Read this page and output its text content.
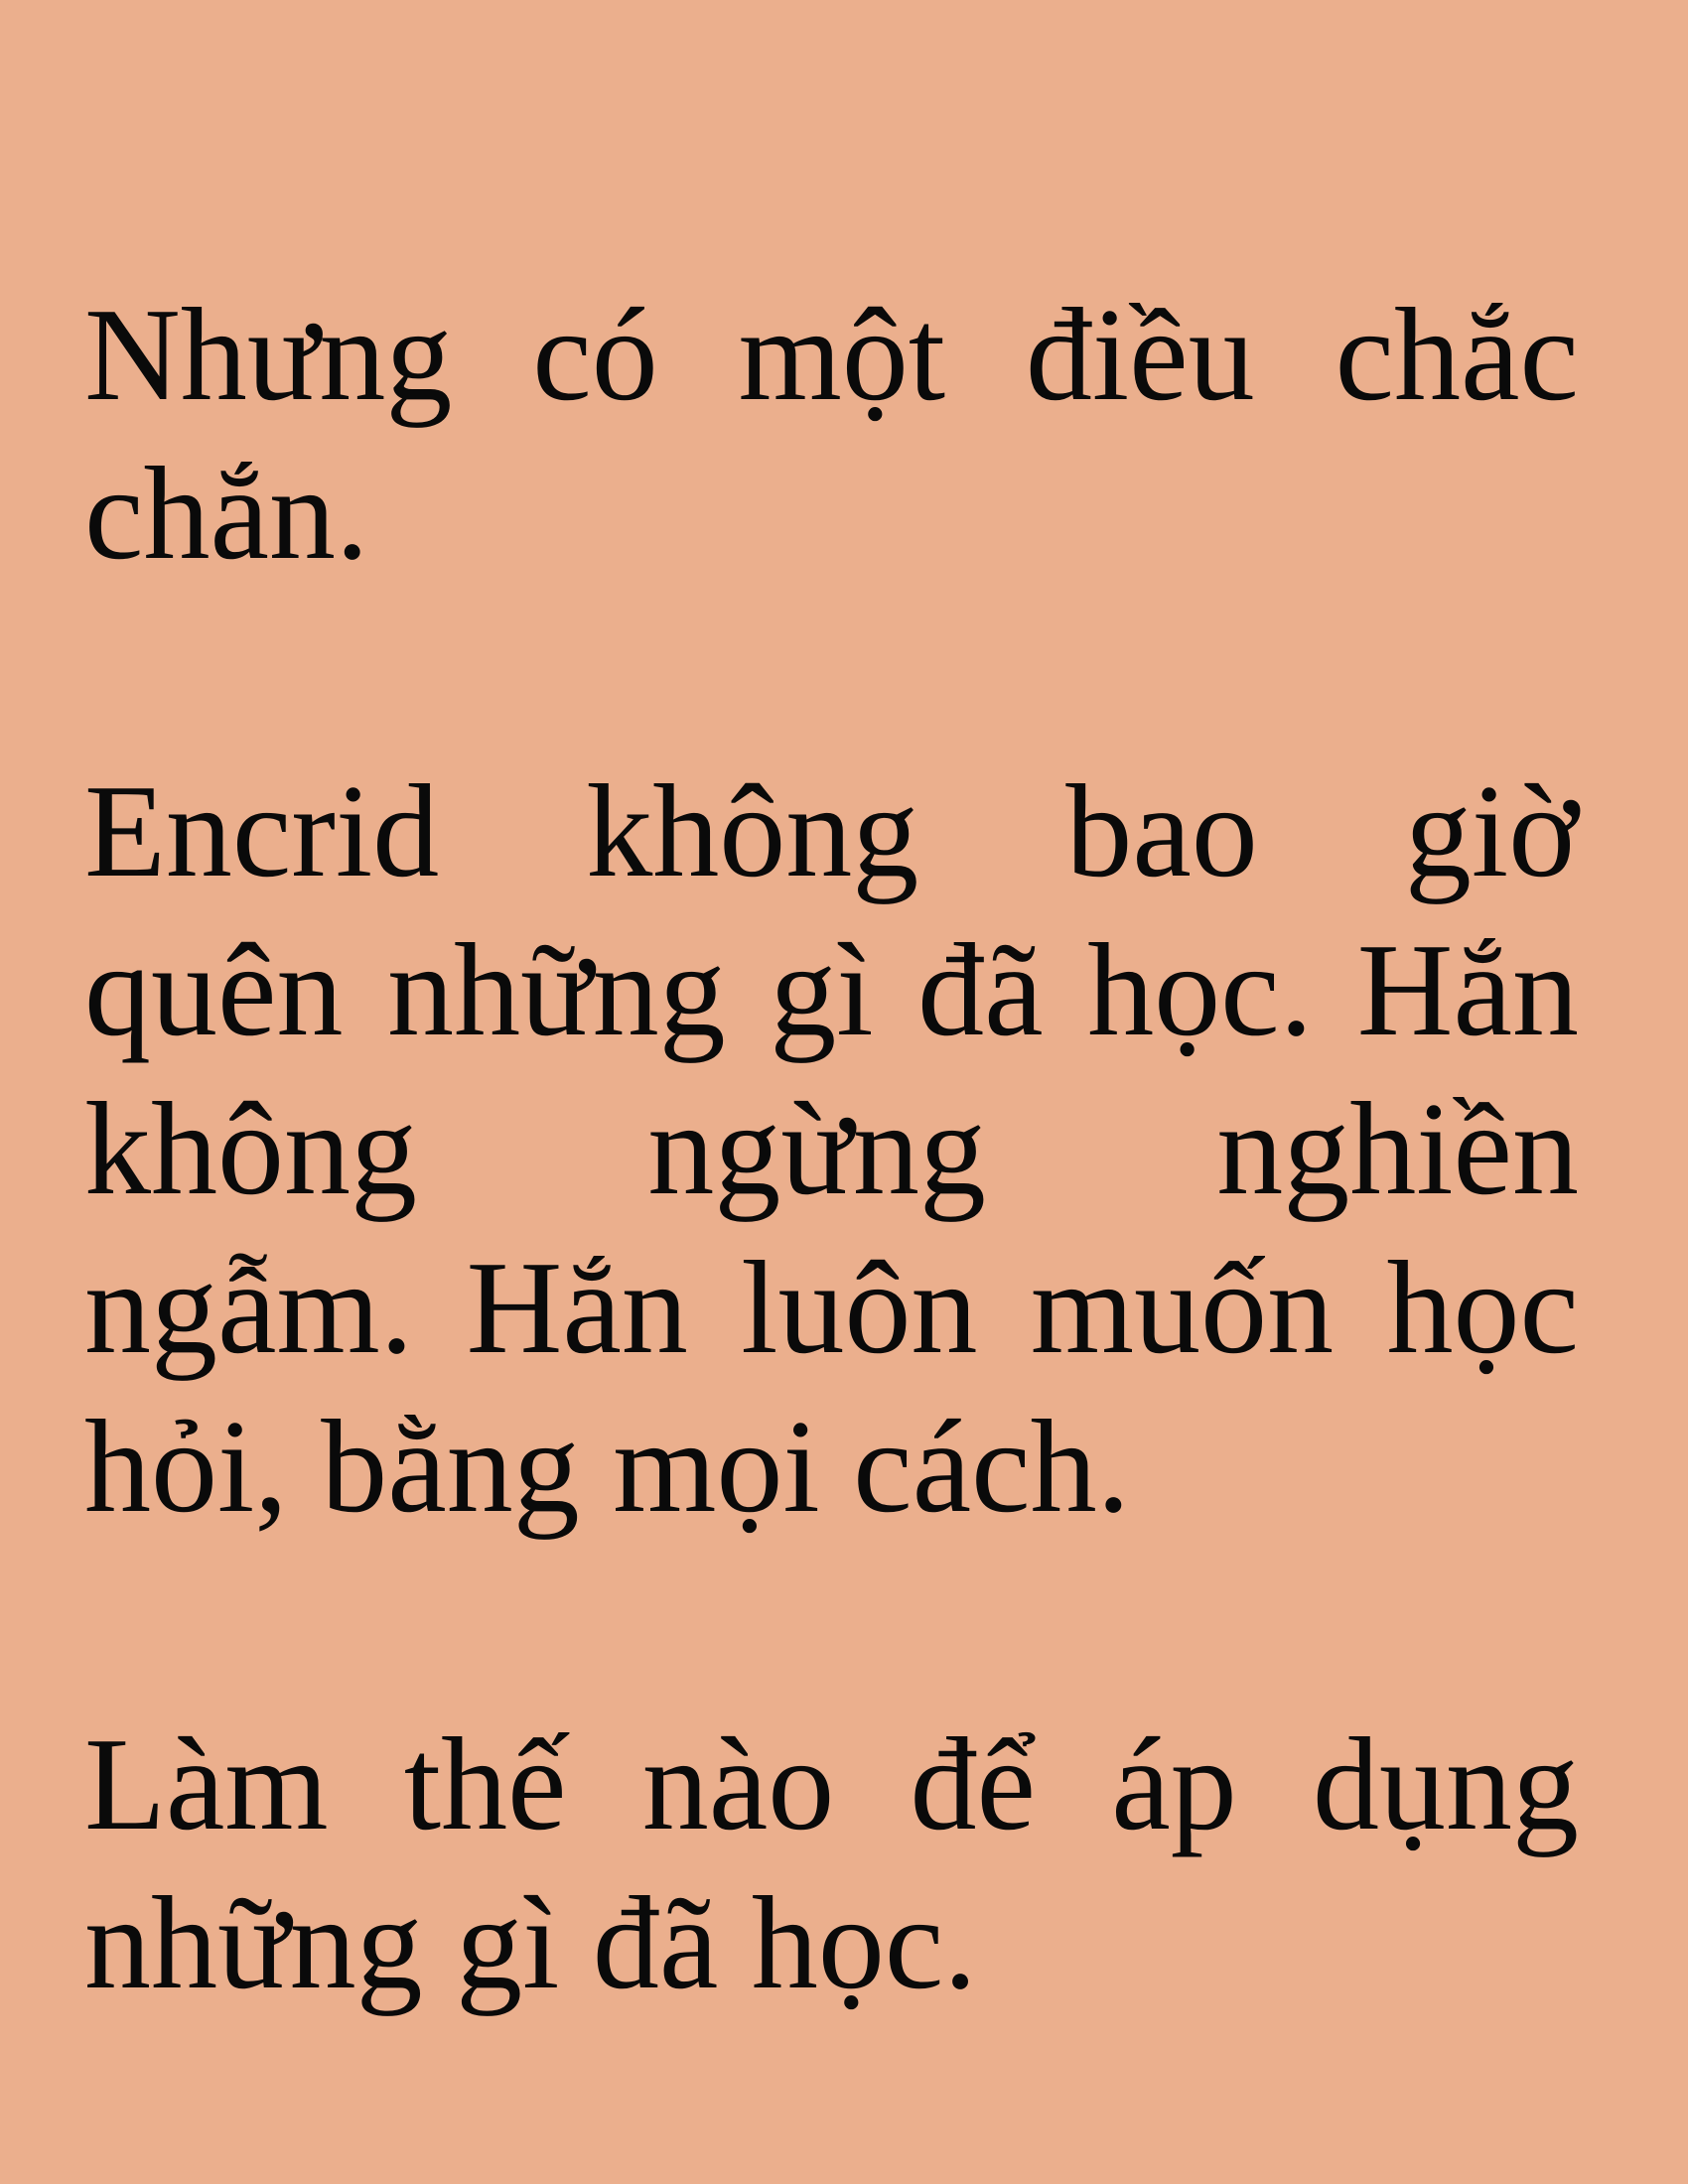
Nhưng có một điều chắc
chắn.
Encrid không bao giờ
quên những gì đã học. Hắn
không ngừng nghiền
ngẫm. Hắn luôn muốn học
hỏi, bằng mọi cách.
Làm thế nào để áp dụng
những gì đã học.
